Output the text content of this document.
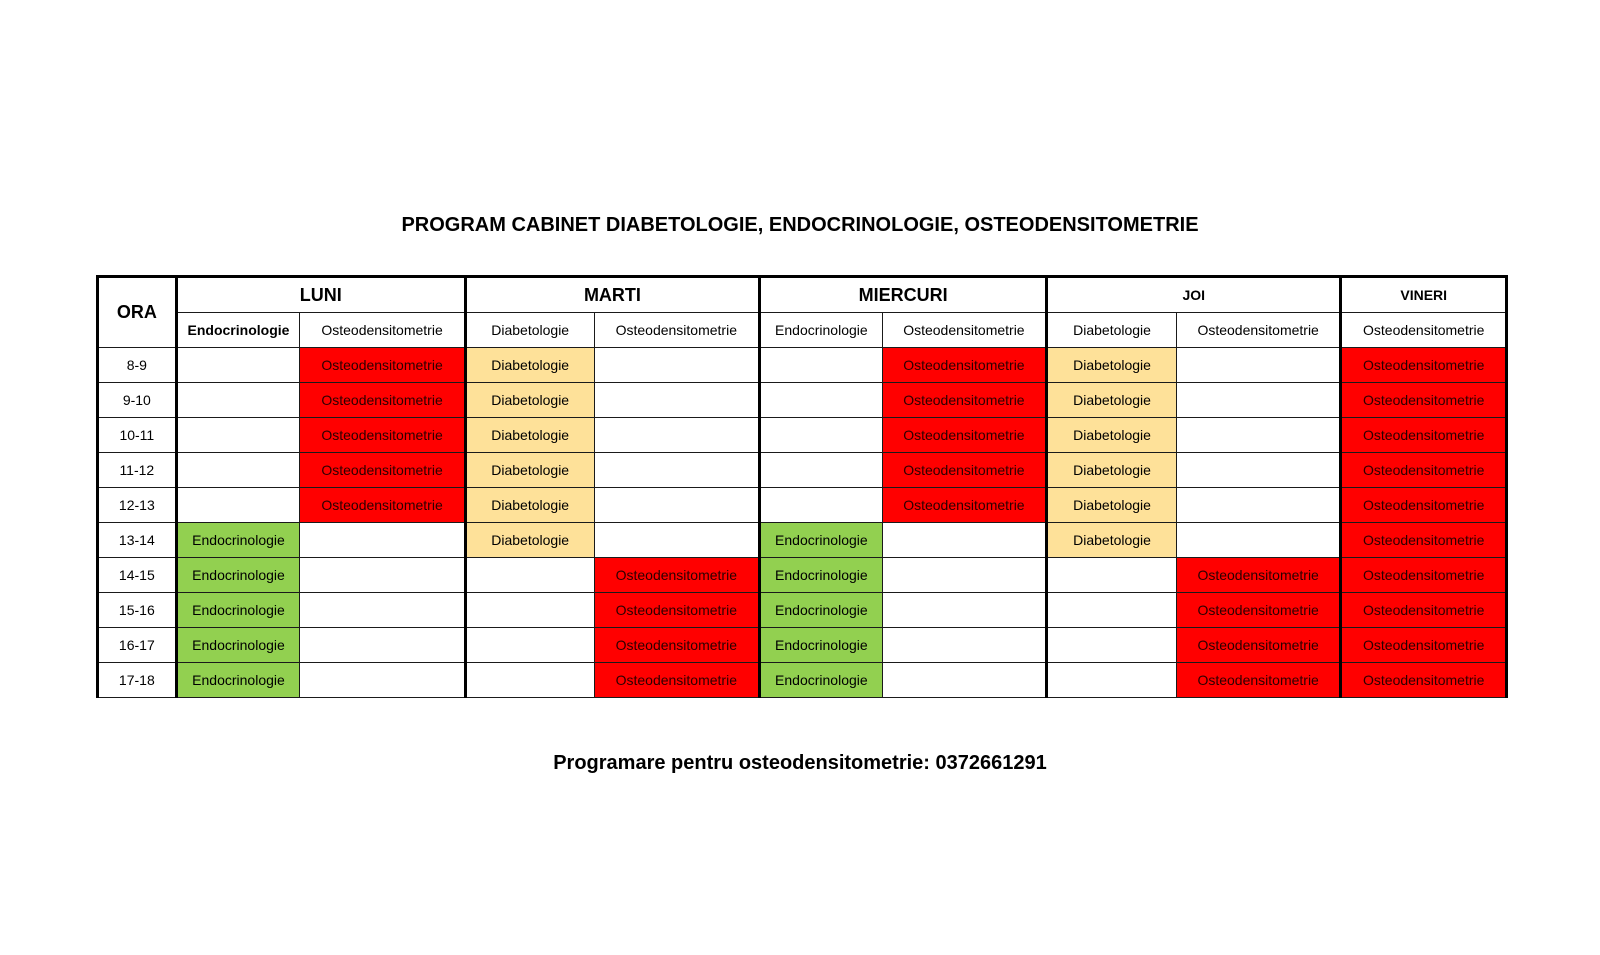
PROGRAM CABINET DIABETOLOGIE, ENDOCRINOLOGIE, OSTEODENSITOMETRIE
ORA	LUNI		MARTI		MIERCURI		JOI		VINERI
	Endocrinologie	Osteodensitometrie	Diabetologie	Osteodensitometrie	Endocrinologie	Osteodensitometrie	Diabetologie	Osteodensitometrie	Osteodensitometrie
8-9		Osteodensitometrie	Diabetologie			Osteodensitometrie	Diabetologie		Osteodensitometrie
9-10		Osteodensitometrie	Diabetologie			Osteodensitometrie	Diabetologie		Osteodensitometrie
10-11		Osteodensitometrie	Diabetologie			Osteodensitometrie	Diabetologie		Osteodensitometrie
11-12		Osteodensitometrie	Diabetologie			Osteodensitometrie	Diabetologie		Osteodensitometrie
12-13		Osteodensitometrie	Diabetologie			Osteodensitometrie	Diabetologie		Osteodensitometrie
13-14	Endocrinologie		Diabetologie		Endocrinologie		Diabetologie		Osteodensitometrie
14-15	Endocrinologie			Osteodensitometrie	Endocrinologie			Osteodensitometrie	Osteodensitometrie
15-16	Endocrinologie			Osteodensitometrie	Endocrinologie			Osteodensitometrie	Osteodensitometrie
16-17	Endocrinologie			Osteodensitometrie	Endocrinologie			Osteodensitometrie	Osteodensitometrie
17-18	Endocrinologie			Osteodensitometrie	Endocrinologie			Osteodensitometrie	Osteodensitometrie
Programare pentru osteodensitometrie: 0372661291
